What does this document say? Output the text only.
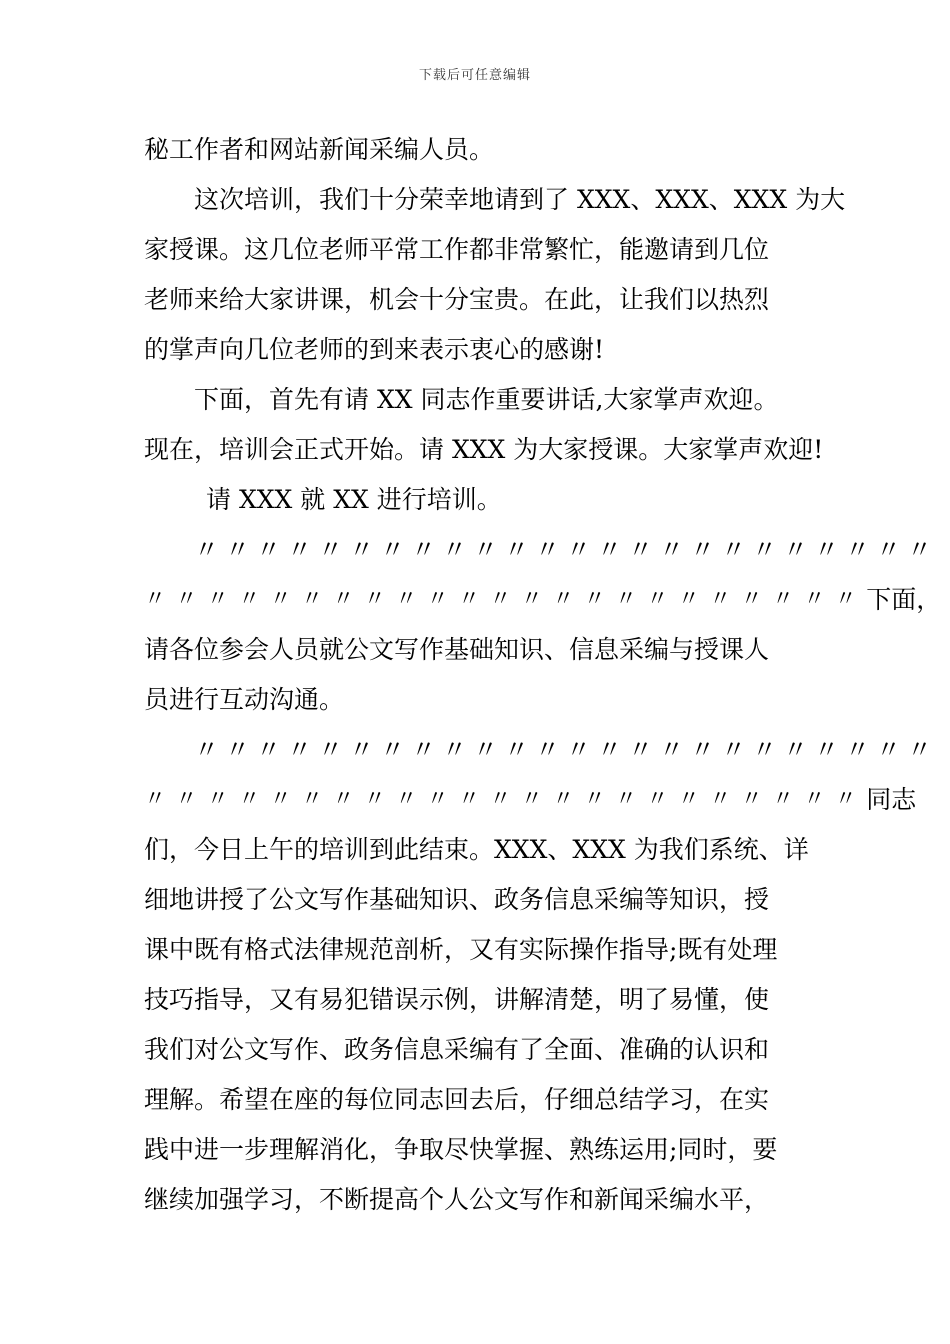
下载后可任意编辑
秘工作者和网站新闻采编人员。
这次培训，我们十分荣幸地请到了 XXX、XXX、XXX 为大
家授课。这几位老师平常工作都非常繁忙，能邀请到几位
老师来给大家讲课，机会十分宝贵。在此，让我们以热烈
的掌声向几位老师的到来表示衷心的感谢!
下面，首先有请 XX 同志作重要讲话,大家掌声欢迎。
现在，培训会正式开始。请 XXX 为大家授课。大家掌声欢迎!
请 XXX 就 XX 进行培训。
〃〃〃〃〃〃〃〃〃〃〃〃〃〃〃〃〃〃〃〃〃〃〃〃
〃〃〃〃〃〃〃〃〃〃〃〃〃〃〃〃〃〃〃〃〃〃〃 下面，
请各位参会人员就公文写作基础知识、信息采编与授课人
员进行互动沟通。
〃〃〃〃〃〃〃〃〃〃〃〃〃〃〃〃〃〃〃〃〃〃〃〃
〃〃〃〃〃〃〃〃〃〃〃〃〃〃〃〃〃〃〃〃〃〃〃 同志
们，今日上午的培训到此结束。XXX、XXX 为我们系统、详
细地讲授了公文写作基础知识、政务信息采编等知识，授
课中既有格式法律规范剖析，又有实际操作指导;既有处理
技巧指导，又有易犯错误示例，讲解清楚，明了易懂，使
我们对公文写作、政务信息采编有了全面、准确的认识和
理解。希望在座的每位同志回去后，仔细总结学习，在实
践中进一步理解消化，争取尽快掌握、熟练运用;同时，要
继续加强学习，不断提高个人公文写作和新闻采编水平，
